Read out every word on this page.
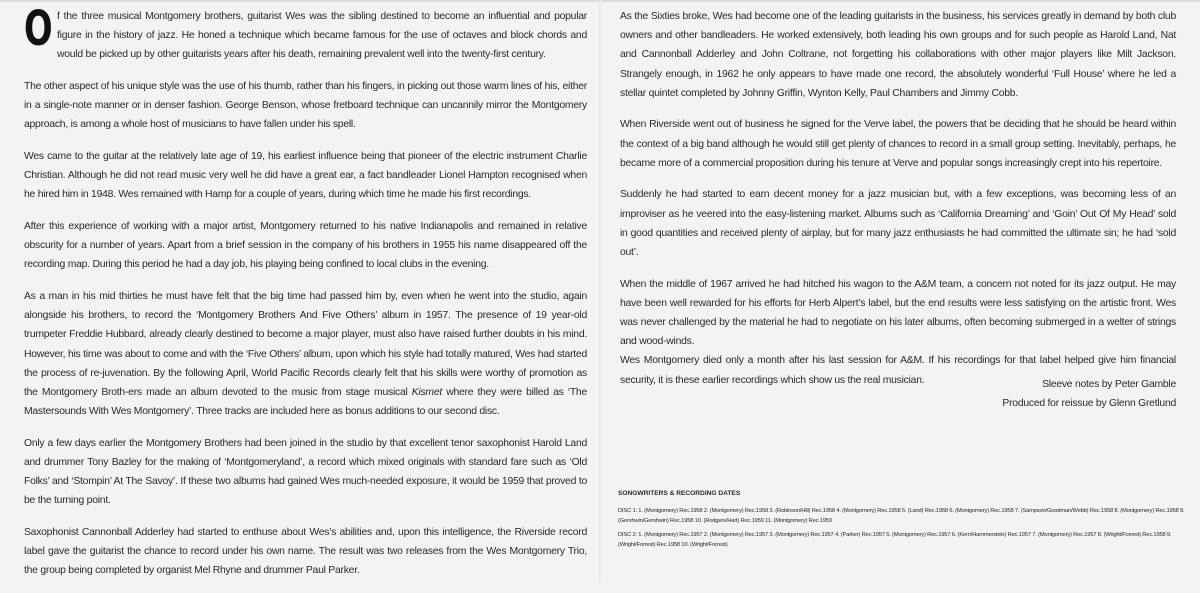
Of the three musical Montgomery brothers, guitarist Wes was the sibling destined to become an influential and popular figure in the history of jazz. He honed a technique which became famous for the use of octaves and block chords and would be picked up by other guitarists years after his death, remaining prevalent well into the twenty-first century.

The other aspect of his unique style was the use of his thumb, rather than his fingers, in picking out those warm lines of his, either in a single-note manner or in denser fashion. George Benson, whose fretboard technique can uncannily mirror the Montgomery approach, is among a whole host of musicians to have fallen under his spell.

Wes came to the guitar at the relatively late age of 19, his earliest influence being that pioneer of the electric instrument Charlie Christian. Although he did not read music very well he did have a great ear, a fact bandleader Lionel Hampton recognised when he hired him in 1948. Wes remained with Hamp for a couple of years, during which time he made his first recordings.

After this experience of working with a major artist, Montgomery returned to his native Indianapolis and remained in relative obscurity for a number of years. Apart from a brief session in the company of his brothers in 1955 his name disappeared off the recording map. During this period he had a day job, his playing being confined to local clubs in the evening.

As a man in his mid thirties he must have felt that the big time had passed him by, even when he went into the studio, again alongside his brothers, to record the ‘Montgomery Brothers And Five Others’ album in 1957. The presence of 19 year-old trumpeter Freddie Hubbard, already clearly destined to become a major player, must also have raised further doubts in his mind. However, his time was about to come and with the ‘Five Others’ album, upon which his style had totally matured, Wes had started the process of re-juvenation. By the following April, World Pacific Records clearly felt that his skills were worthy of promotion as the Montgomery Broth-ers made an album devoted to the music from stage musical Kismet where they were billed as ‘The Mastersounds With Wes Montgomery’. Three tracks are included here as bonus additions to our second disc.

Only a few days earlier the Montgomery Brothers had been joined in the studio by that excellent tenor saxophonist Harold Land and drummer Tony Bazley for the making of ‘Montgomeryland’, a record which mixed originals with standard fare such as ‘Old Folks’ and ‘Stompin’ At The Savoy’. If these two albums had gained Wes much-needed exposure, it would be 1959 that proved to be the turning point.

Saxophonist Cannonball Adderley had started to enthuse about Wes’s abilities and, upon this intelligence, the Riverside record label gave the guitarist the chance to record under his own name. The result was two releases from the Wes Montgomery Trio, the group being completed by organist Mel Rhyne and drummer Paul Parker.

As the Sixties broke, Wes had become one of the leading guitarists in the business, his services greatly in demand by both club owners and other bandleaders. He worked extensively, both leading his own groups and for such people as Harold Land, Nat and Cannonball Adderley and John Coltrane, not forgetting his collaborations with other major players like Milt Jackson. Strangely enough, in 1962 he only appears to have made one record, the absolutely wonderful ‘Full House’ where he led a stellar quintet completed by Johnny Griffin, Wynton Kelly, Paul Chambers and Jimmy Cobb.

When Riverside went out of business he signed for the Verve label, the powers that be deciding that he should be heard within the context of a big band although he would still get plenty of chances to record in a small group setting. Inevitably, perhaps, he became more of a commercial proposition during his tenure at Verve and popular songs increasingly crept into his repertoire.

Suddenly he had started to earn decent money for a jazz musician but, with a few exceptions, was becoming less of an improviser as he veered into the easy-listening market. Albums such as ‘California Dreaming’ and ‘Goin’ Out Of My Head’ sold in good quantities and received plenty of airplay, but for many jazz enthusiasts he had committed the ultimate sin; he had ‘sold out’.

When the middle of 1967 arrived he had hitched his wagon to the A&M team, a concern not noted for its jazz output. He may have been well rewarded for his efforts for Herb Alpert’s label, but the end results were less satisfying on the artistic front. Wes was never challenged by the material he had to negotiate on his later albums, often becoming submerged in a welter of strings and wood-winds.

Wes Montgomery died only a month after his last session for A&M. If his recordings for that label helped give him financial security, it is these earlier recordings which show us the real musician.	Sleeve notes by Peter Gamble
Produced for reissue by Glenn Gretlund
SONGWRITERS & RECORDING DATES
DISC 1: 1. (Montgomery) Rec.1958 2. (Montgomery) Rec.1958 3. (Robinson/Hill) Rec.1958 4. (Montgomery) Rec.1958 5. (Land) Rec.1958 6. (Montgomery) Rec.1958 7. (Sampson/Goodman/Webb) Rec.1958 8. (Montgomery) Rec.1958 9. (Gershwin/Gershwin) Rec.1958 10. (Rodgers/Hart) Rec.1959 11. (Montgomery) Rec.1959
DISC 2: 1. (Montgomery) Rec.1957 2. (Montgomery) Rec.1957 3. (Montgomery) Rec.1957 4. (Parker) Rec.1957 5. (Montgomery) Rec.1957 6. (Kern/Hammerstein) Rec.1957 7. (Montgomery) Rec.1957 8. (Wright/Forrest) Rec.1958 9. (Wright/Forrest) Rec.1958 10. (Wright/Forrest)
